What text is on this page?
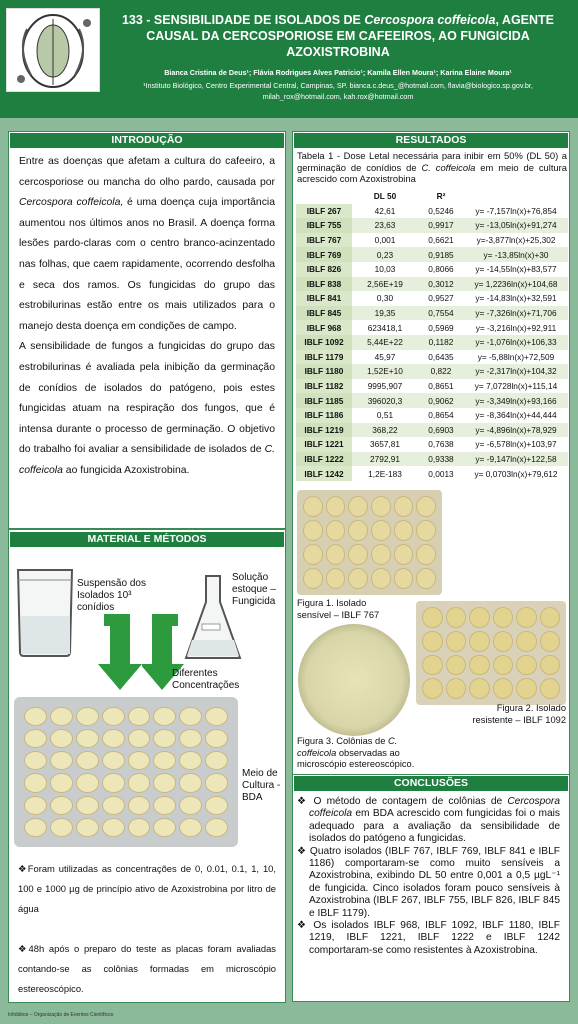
133 - SENSIBILIDADE DE ISOLADOS DE Cercospora coffeicola, AGENTE CAUSAL DA CERCOSPORIOSE EM CAFEEIROS, AO FUNGICIDA AZOXISTROBINA
Bianca Cristina de Deus¹; Flávia Rodrigues Alves Patricio¹; Kamila Ellen Moura¹; Karina Elaine Moura¹
¹Instituto Biológico, Centro Experimental Central, Campinas, SP. bianca.c.deus_@hotmail.com, flavia@biologico.sp.gov.br, milah_rox@hotmail.com, kah.rox@hotmail.com
INTRODUÇÃO

Entre as doenças que afetam a cultura do cafeeiro, a cercosporiose ou mancha do olho pardo, causada por Cercospora coffeicola, é uma doença cuja importância aumentou nos últimos anos no Brasil. A doença forma lesões pardo-claras com o centro branco-acinzentado nas folhas, que caem rapidamente, ocorrendo desfolha e seca dos ramos. Os fungicidas do grupo das estrobilurinas estão entre os mais utilizados para o manejo desta doença em condições de campo.

A sensibilidade de fungos a fungicidas do grupo das estrobilurinas é avaliada pela inibição da germinação de conídios de isolados do patógeno, pois estes fungicidas atuam na respiração dos fungos, que é intensa durante o processo de germinação. O objetivo do trabalho foi avaliar a sensibilidade de isolados de C. coffeicola ao fungicida Azoxistrobina.

MATERIAL E MÉTODOS
Suspensão dos Isolados 10³ conídios
Solução estoque – Fungicida
Diferentes Concentrações
Meio de Cultura - BDA
❖Foram utilizadas as concentrações de 0, 0.01, 0.1, 1, 10, 100 e 1000 µg de princípio ativo de Azoxistrobina por litro de água
❖48h após o preparo do teste as placas foram avaliadas contando-se as colônias formadas em microscópio estereoscópico.
RESULTADOS
Tabela 1 - Dose Letal necessária para inibir em 50% (DL 50) a germinação de conídios de C. coffeicola em meio de cultura acrescido com Azoxistrobina
	DL 50	R²	
IBLF 267	42,61	0,5246	y= -7,157ln(x)+76,854
IBLF 755	23,63	0,9917	y= -13,05ln(x)+91,274
IBLF 767	0,001	0,6621	y=-3,877ln(x)+25,302
IBLF 769	0,23	0,9185	y= -13,85ln(x)+30
IBLF 826	10,03	0,8066	y= -14,55ln(x)+83,577
IBLF 838	2,56E+19	0,3012	y= 1,2236ln(x)+104,68
IBLF 841	0,30	0,9527	y= -14,83ln(x)+32,591
IBLF 845	19,35	0,7554	y= -7,326ln(x)+71,706
IBLF 968	623418,1	0,5969	y= -3,216ln(x)+92,911
IBLF 1092	5,44E+22	0,1182	y= -1,076ln(x)+106,33
IBLF 1179	45,97	0,6435	y= -5,88ln(x)+72,509
IBLF 1180	1,52E+10	0,822	y= -2,317ln(x)+104,32
IBLF 1182	9995,907	0,8651	y= 7,0728ln(x)+115,14
IBLF 1185	396020,3	0,9062	y= -3,349ln(x)+93,166
IBLF 1186	0,51	0,8654	y= -8,364ln(x)+44,444
IBLF 1219	368,22	0,6903	y= -4,896ln(x)+78,929
IBLF 1221	3657,81	0,7638	y= -6,578ln(x)+103,97
IBLF 1222	2792,91	0,9338	y= -9,147ln(x)+122,58
IBLF 1242	1,2E-183	0,0013	y= 0,0703ln(x)+79,612
Figura 1. Isolado sensível – IBLF 767
Figura 2. Isolado resistente – IBLF 1092
Figura 3. Colônias de C. coffeicola observadas ao microscópio estereoscópico.
CONCLUSÕES

❖ O método de contagem de colônias de Cercospora coffeicola em BDA acrescido com fungicidas foi o mais adequado para a avaliação da sensibilidade de isolados do patógeno a fungicidas.

❖ Quatro isolados (IBLF 767, IBLF 769, IBLF 841 e IBLF 1186) comportaram-se como muito sensíveis a Azoxistrobina, exibindo DL 50 entre 0,001 a 0,5 µgL⁻¹ de fungicida. Cinco isolados foram pouco sensíveis à Azoxistrobina (IBLF 267, IBLF 755, IBLF 826, IBLF 845 e IBLF 1179).

❖ Os isolados IBLF 968, IBLF 1092, IBLF 1180, IBLF 1219, IBLF 1221, IBLF 1222 e IBLF 1242 comportaram-se como resistentes à Azoxistrobina.

Infobibos – Organização de Eventos Científicos
